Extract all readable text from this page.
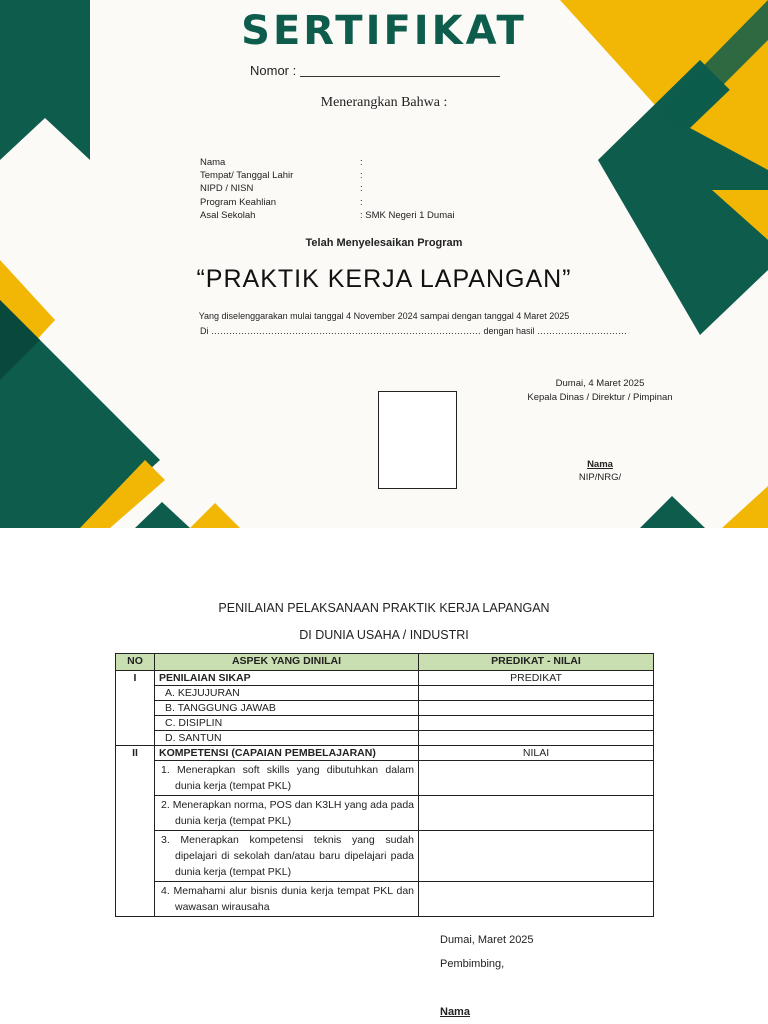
SERTIFIKAT
Nomor :
Menerangkan Bahwa :
Nama	:
Tempat/ Tanggal Lahir	:
NIPD / NISN	:
Program Keahlian	:
Asal Sekolah	: SMK Negeri 1 Dumai
Telah Menyelesaikan Program
“PRAKTIK KERJA LAPANGAN”
Yang diselenggarakan mulai tanggal 4 November 2024 sampai dengan tanggal 4 Maret 2025
Di ……………………………………………………………………………… dengan hasil …………………………
Dumai, 4 Maret 2025
Kepala Dinas / Direktur / Pimpinan
Nama
NIP/NRG/
PENILAIAN PELAKSANAAN PRAKTIK KERJA LAPANGAN
DI DUNIA USAHA / INDUSTRI
NO	ASPEK YANG DINILAI	PREDIKAT - NILAI
I	PENILAIAN SIKAP	PREDIKAT
	A. KEJUJURAN	
	B. TANGGUNG JAWAB	
	C. DISIPLIN	
	D. SANTUN	
II	KOMPETENSI (CAPAIAN PEMBELAJARAN)	NILAI
	1. Menerapkan soft skills yang dibutuhkan dalam dunia kerja (tempat PKL)	
	2. Menerapkan norma, POS dan K3LH yang ada pada dunia kerja (tempat PKL)	
	3. Menerapkan kompetensi teknis yang sudah dipelajari di sekolah dan/atau baru dipelajari pada dunia kerja (tempat PKL)	
	4. Memahami alur bisnis dunia kerja tempat PKL dan wawasan wirausaha	
Dumai, Maret 2025
Pembimbing,
Nama
